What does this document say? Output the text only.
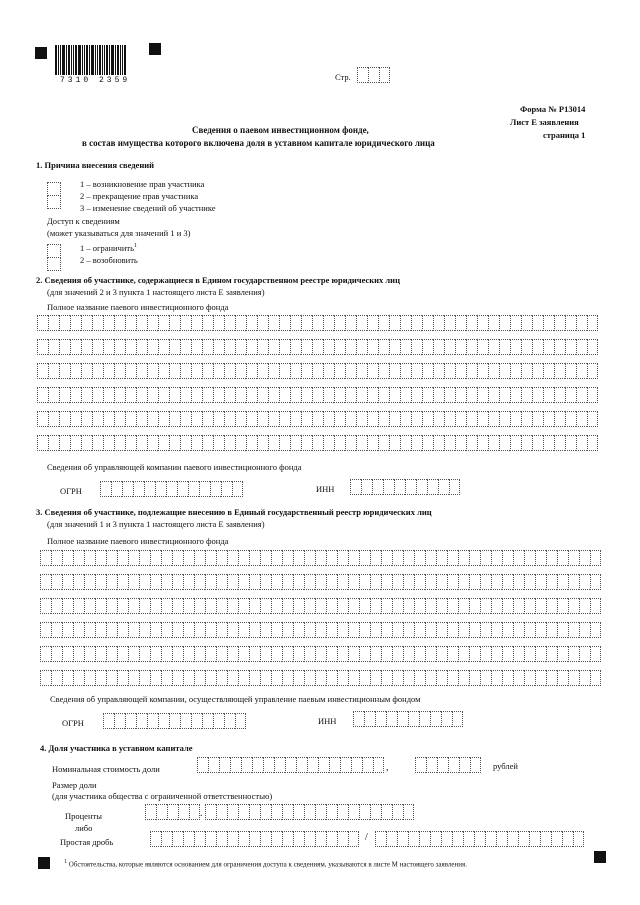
7310 2359	Стр.
Форма № Р13014
Лист Е заявления
страница 1
Сведения о паевом инвестиционном фонде,
в состав имущества которого включена доля в уставном капитале юридического лица
1. Причина внесения сведений
1 – возникновение прав участника
2 – прекращение прав участника
3 – изменение сведений об участнике
Доступ к сведениям
(может указываться для значений 1 и 3)
1 – ограничить$^1$
2 – возобновить
2. Сведения об участнике, содержащиеся в Едином государственном реестре юридических лиц
(для значений 2 и 3 пункта 1 настоящего листа Е заявления)
Полное название паевого инвестиционного фонда
Сведения об управляющей компании паевого инвестиционного фонда
ОГРН	ИНН
3. Сведения об участнике, подлежащие внесению в Единый государственный реестр юридических лиц
(для значений 1 и 3 пункта 1 настоящего листа Е заявления)
Полное название паевого инвестиционного фонда
Сведения об управляющей компании, осуществляющей управление паевым инвестиционным фондом
ОГРН	ИНН
4. Доля участника в уставном капитале
Номинальная стоимость доли	,	рублей
Размер доли
(для участника общества с ограниченной ответственностью)
Проценты	.
либо
Простая дробь	/
$^1$ Обстоятельства, которые являются основанием для ограничения доступа к сведениям, указываются в листе М настоящего заявления.
